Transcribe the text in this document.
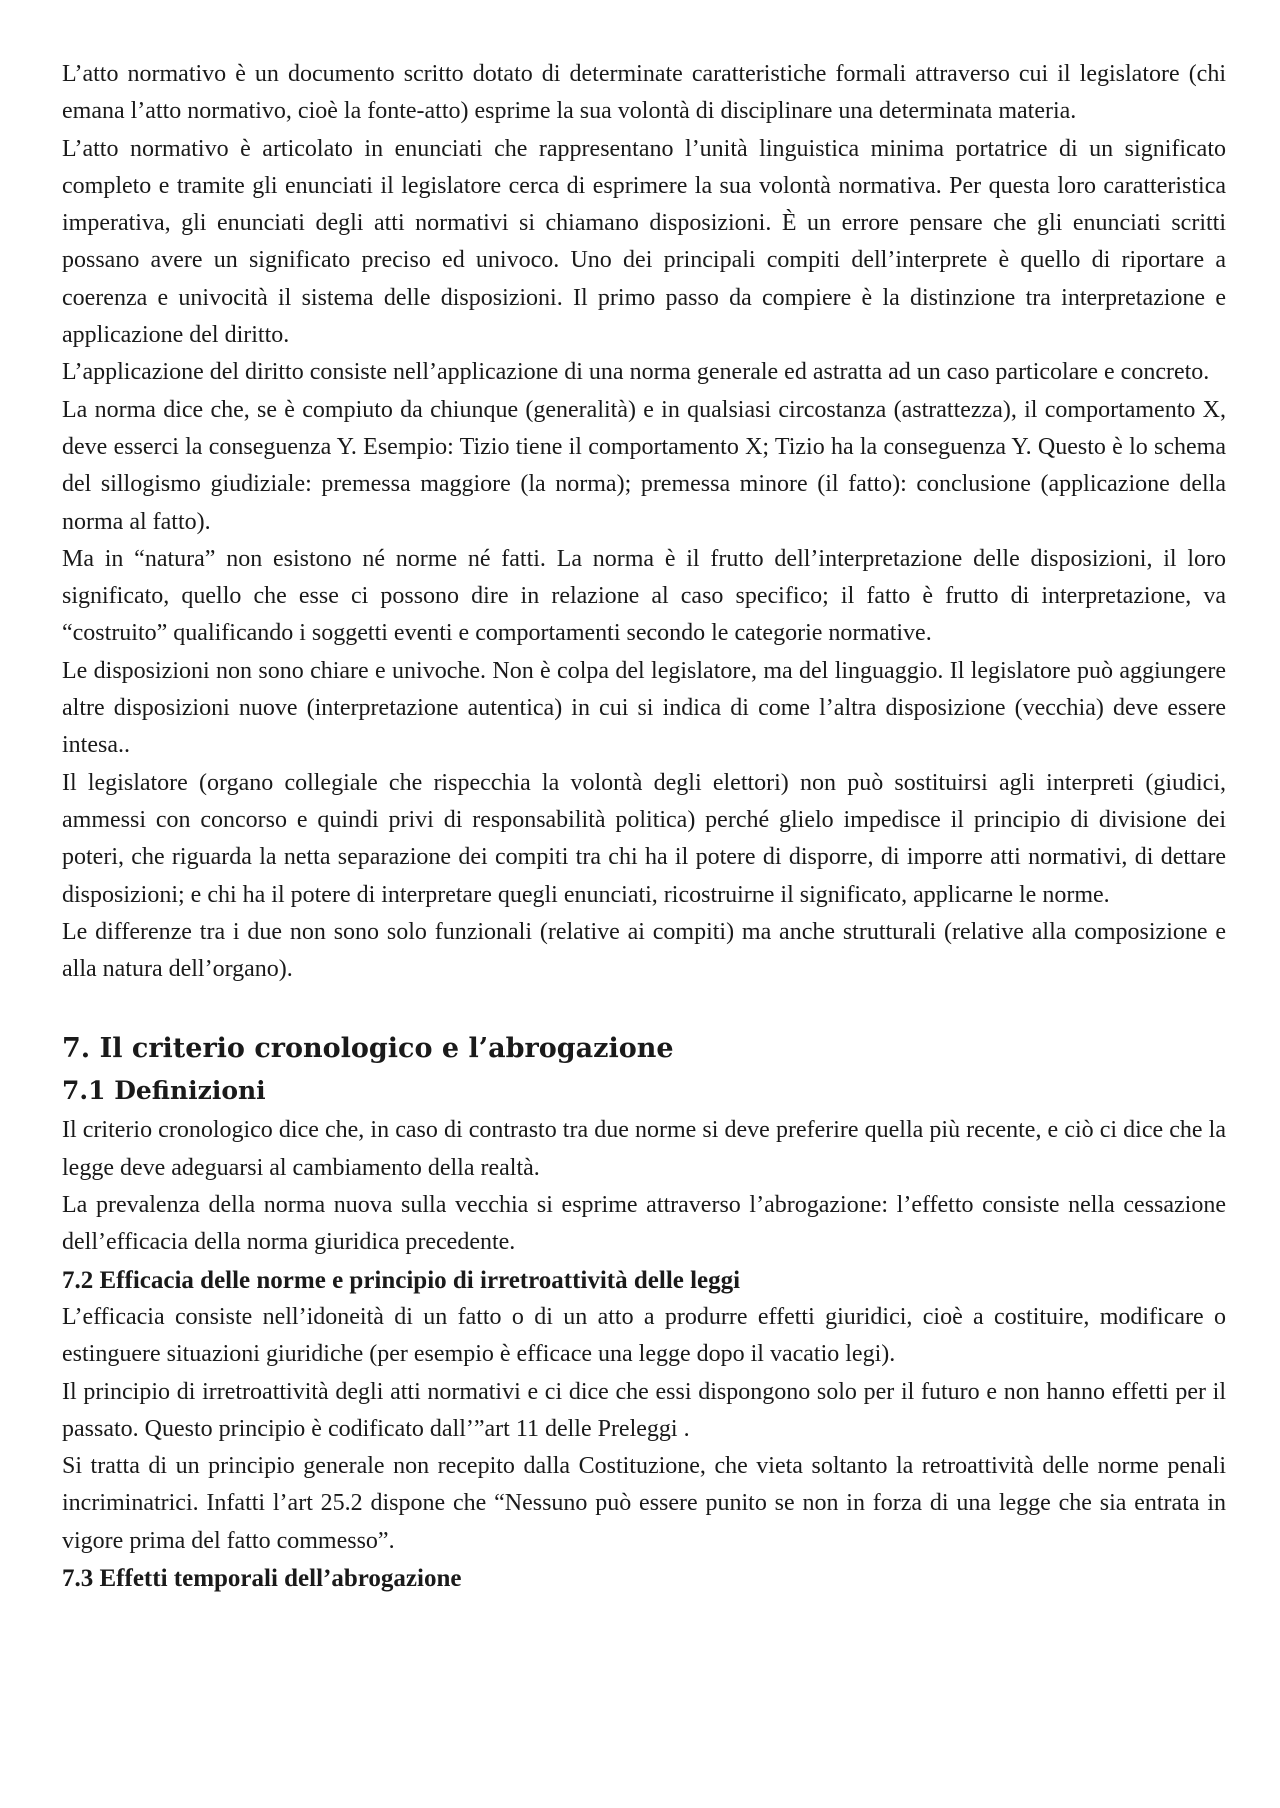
L’atto normativo è un documento scritto dotato di determinate caratteristiche formali attraverso cui il legislatore (chi emana l’atto normativo, cioè la fonte-atto) esprime la sua volontà di disciplinare una determinata materia.

L’atto normativo è articolato in enunciati che rappresentano l’unità linguistica minima portatrice di un significato completo e tramite gli enunciati il legislatore cerca di esprimere la sua volontà normativa. Per questa loro caratteristica imperativa, gli enunciati degli atti normativi si chiamano disposizioni. È un errore pensare che gli enunciati scritti possano avere un significato preciso ed univoco. Uno dei principali compiti dell’interprete è quello di riportare a coerenza e univocità il sistema delle disposizioni. Il primo passo da compiere è la distinzione tra interpretazione e applicazione del diritto.

L’applicazione del diritto consiste nell’applicazione di una norma generale ed astratta ad un caso particolare e concreto.

La norma dice che, se è compiuto da chiunque (generalità) e in qualsiasi circostanza (astrattezza), il comportamento X, deve esserci la conseguenza Y. Esempio: Tizio tiene il comportamento X; Tizio ha la conseguenza Y. Questo è lo schema del sillogismo giudiziale: premessa maggiore (la norma); premessa minore (il fatto): conclusione (applicazione della norma al fatto).

Ma in “natura” non esistono né norme né fatti. La norma è il frutto dell’interpretazione delle disposizioni, il loro significato, quello che esse ci possono dire in relazione al caso specifico; il fatto è frutto di interpretazione, va “costruito” qualificando i soggetti eventi e comportamenti secondo le categorie normative.

Le disposizioni non sono chiare e univoche. Non è colpa del legislatore, ma del linguaggio. Il legislatore può aggiungere altre disposizioni nuove (interpretazione autentica) in cui si indica di come l’altra disposizione (vecchia) deve essere intesa..

Il legislatore (organo collegiale che rispecchia la volontà degli elettori) non può sostituirsi agli interpreti (giudici, ammessi con concorso e quindi privi di responsabilità politica) perché glielo impedisce il principio di divisione dei poteri, che riguarda la netta separazione dei compiti tra chi ha il potere di disporre, di imporre atti normativi, di dettare disposizioni; e chi ha il potere di interpretare quegli enunciati, ricostruirne il significato, applicarne le norme.

Le differenze tra i due non sono solo funzionali (relative ai compiti) ma anche strutturali (relative alla composizione e alla natura dell’organo).

7. Il criterio cronologico e l’abrogazione
7.1 Definizioni

Il criterio cronologico dice che, in caso di contrasto tra due norme si deve preferire quella più recente, e ciò ci dice che la legge deve adeguarsi al cambiamento della realtà.

La prevalenza della norma nuova sulla vecchia si esprime attraverso l’abrogazione: l’effetto consiste nella cessazione dell’efficacia della norma giuridica precedente.

7.2 Efficacia delle norme e principio di irretroattività delle leggi

L’efficacia consiste nell’idoneità di un fatto o di un atto a produrre effetti giuridici, cioè a costituire, modificare o estinguere situazioni giuridiche (per esempio è efficace una legge dopo il vacatio legi).

Il principio di irretroattività degli atti normativi e ci dice che essi dispongono solo per il futuro e non hanno effetti per il passato. Questo principio è codificato dall’”art 11 delle Preleggi .

Si tratta di un principio generale non recepito dalla Costituzione, che vieta soltanto la retroattività delle norme penali incriminatrici. Infatti l’art 25.2 dispone che “Nessuno può essere punito se non in forza di una legge che sia entrata in vigore prima del fatto commesso”.

7.3 Effetti temporali dell’abrogazione
